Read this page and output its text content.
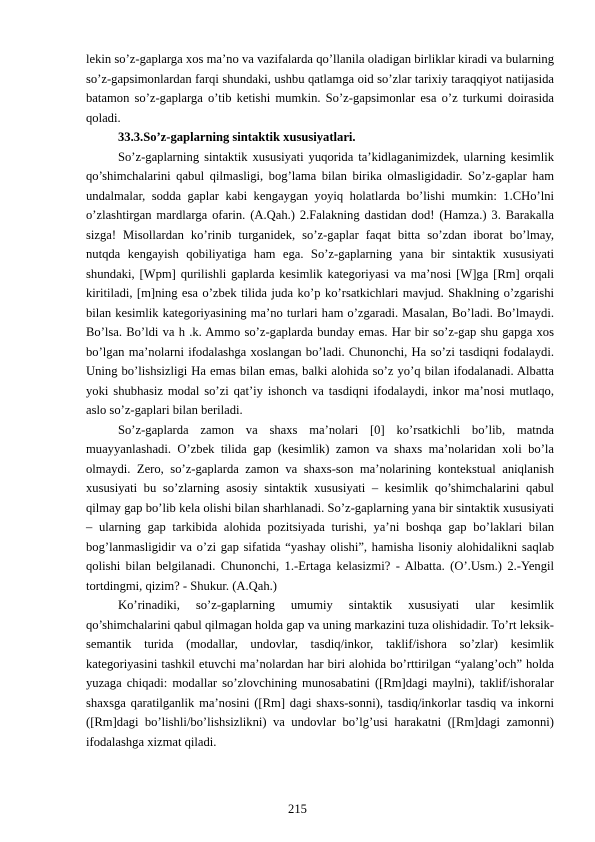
lekin so’z-gaplarga xos ma’no va vazifalarda qo’llanila oladigan birliklar kiradi va bularning so’z-gapsimonlardan farqi shundaki, ushbu qatlamga oid so’zlar tarixiy taraqqiyot natijasida batamon so’z-gaplarga o’tib ketishi mumkin. So’z-gapsimonlar esa o’z turkumi doirasida qoladi.

33.3.So’z-gaplarning sintaktik xususiyatlari.

So’z-gaplarning sintaktik xususiyati yuqorida ta’kidlaganimizdek, ularning kesimlik qo’shimchalarini qabul qilmasligi, bog’lama bilan birika olmasligidadir. So’z-gaplar ham undalmalar, sodda gaplar kabi kengaygan yoyiq holatlarda bo’lishi mumkin: 1.CHo’lni o’zlashtirgan mardlarga ofarin. (A.Qah.) 2.Falakning dastidan dod! (Hamza.) 3. Barakalla sizga! Misollardan ko’rinib turganidek, so’z-gaplar faqat bitta so’zdan iborat bo’lmay, nutqda kengayish qobiliyatiga ham ega. So’z-gaplarning yana bir sintaktik xususiyati shundaki, [Wpm] qurilishli gaplarda kesimlik kategoriyasi va ma’nosi [W]ga [Rm] orqali kiritiladi, [m]ning esa o’zbek tilida juda ko’p ko’rsatkichlari mavjud. Shaklning o’zgarishi bilan kesimlik kategoriyasining ma’no turlari ham o’zgaradi. Masalan, Bo’ladi. Bo’lmaydi. Bo’lsa. Bo’ldi va h .k. Ammo so’z-gaplarda bunday emas. Har bir so’z-gap shu gapga xos bo’lgan ma’nolarni ifodalashga xoslangan bo’ladi. Chunonchi, Ha so’zi tasdiqni fodalaydi. Uning bo’lishsizligi Ha emas bilan emas, balki alohida so’z yo’q bilan ifodalanadi. Albatta yoki shubhasiz modal so’zi qat’iy ishonch va tasdiqni ifodalaydi, inkor ma’nosi mutlaqo, aslo so’z-gaplari bilan beriladi.

So’z-gaplarda zamon va shaxs ma’nolari [0] ko’rsatkichli bo’lib, matnda muayyanlashadi. O’zbek tilida gap (kesimlik) zamon va shaxs ma’nolaridan xoli bo’la olmaydi. Zero, so’z-gaplarda zamon va shaxs-son ma’nolarining kontekstual aniqlanish xususiyati bu so’zlarning asosiy sintaktik xususiyati – kesimlik qo’shimchalarini qabul qilmay gap bo’lib kela olishi bilan sharhlanadi. So’z-gaplarning yana bir sintaktik xususiyati – ularning gap tarkibida alohida pozitsiyada turishi, ya’ni boshqa gap bo’laklari bilan bog’lanmasligidir va o’zi gap sifatida “yashay olishi”, hamisha lisoniy alohidalikni saqlab qolishi bilan belgilanadi. Chunonchi, 1.-Ertaga kelasizmi? - Albatta. (O’.Usm.) 2.-Yengil tortdingmi, qizim? - Shukur. (A.Qah.)

Ko’rinadiki, so’z-gaplarning umumiy sintaktik xususiyati ular kesimlik qo’shimchalarini qabul qilmagan holda gap va uning markazini tuza olishidadir. To’rt leksik-semantik turida (modallar, undovlar, tasdiq/inkor, taklif/ishora so’zlar) kesimlik kategoriyasini tashkil etuvchi ma’nolardan har biri alohida bo’rttirilgan “yalang’och” holda yuzaga chiqadi: modallar so’zlovchining munosabatini ([Rm]dagi maylni), taklif/ishoralar shaxsga qaratilganlik ma’nosini ([Rm] dagi shaxs-sonni), tasdiq/inkorlar tasdiq va inkorni ([Rm]dagi bo’lishli/bo’lishsizlikni) va undovlar bo’lg’usi harakatni ([Rm]dagi zamonni) ifodalashga xizmat qiladi.

215
